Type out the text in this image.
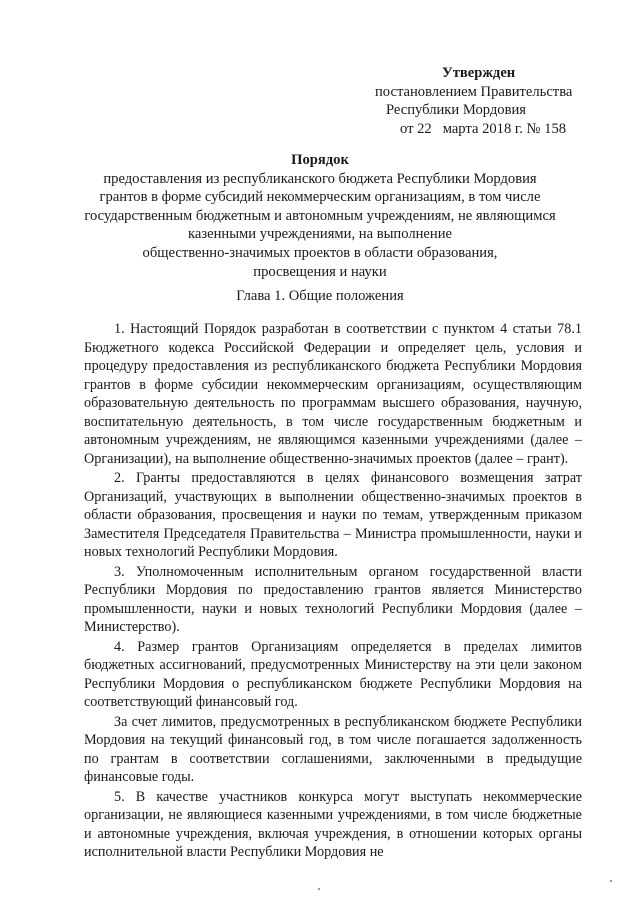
Утвержден
постановлением Правительства
Республики Мордовия
от 22 марта 2018 г. № 158
Порядок
предоставления из республиканского бюджета Республики Мордовия
грантов в форме субсидий некоммерческим организациям, в том числе
государственным бюджетным и автономным учреждениям, не являющимся
казенными учреждениями, на выполнение
общественно-значимых проектов в области образования,
просвещения и науки
Глава 1. Общие положения

1. Настоящий Порядок разработан в соответствии с пунктом 4 статьи 78.1 Бюджетного кодекса Российской Федерации и определяет цель, условия и процедуру предоставления из республиканского бюджета Республики Мордовия грантов в форме субсидии некоммерческим организациям, осуществляющим образовательную деятельность по программам высшего образования, научную, воспитательную деятельность, в том числе государственным бюджетным и автономным учреждениям, не являющимся казенными учреждениями (далее – Организации), на выполнение общественно-значимых проектов (далее – грант).

2. Гранты предоставляются в целях финансового возмещения затрат Организаций, участвующих в выполнении общественно-значимых проектов в области образования, просвещения и науки по темам, утвержденным приказом Заместителя Председателя Правительства – Министра промышленности, науки и новых технологий Республики Мордовия.

3. Уполномоченным исполнительным органом государственной власти Республики Мордовия по предоставлению грантов является Министерство промышленности, науки и новых технологий Республики Мордовия (далее – Министерство).

4. Размер грантов Организациям определяется в пределах лимитов бюджетных ассигнований, предусмотренных Министерству на эти цели законом Республики Мордовия о республиканском бюджете Республики Мордовия на соответствующий финансовый год.

За счет лимитов, предусмотренных в республиканском бюджете Республики Мордовия на текущий финансовый год, в том числе погашается задолженность по грантам в соответствии соглашениями, заключенными в предыдущие финансовые годы.

5. В качестве участников конкурса могут выступать некоммерческие организации, не являющиеся казенными учреждениями, в том числе бюджетные и автономные учреждения, включая учреждения, в отношении которых органы исполнительной власти Республики Мордовия не
